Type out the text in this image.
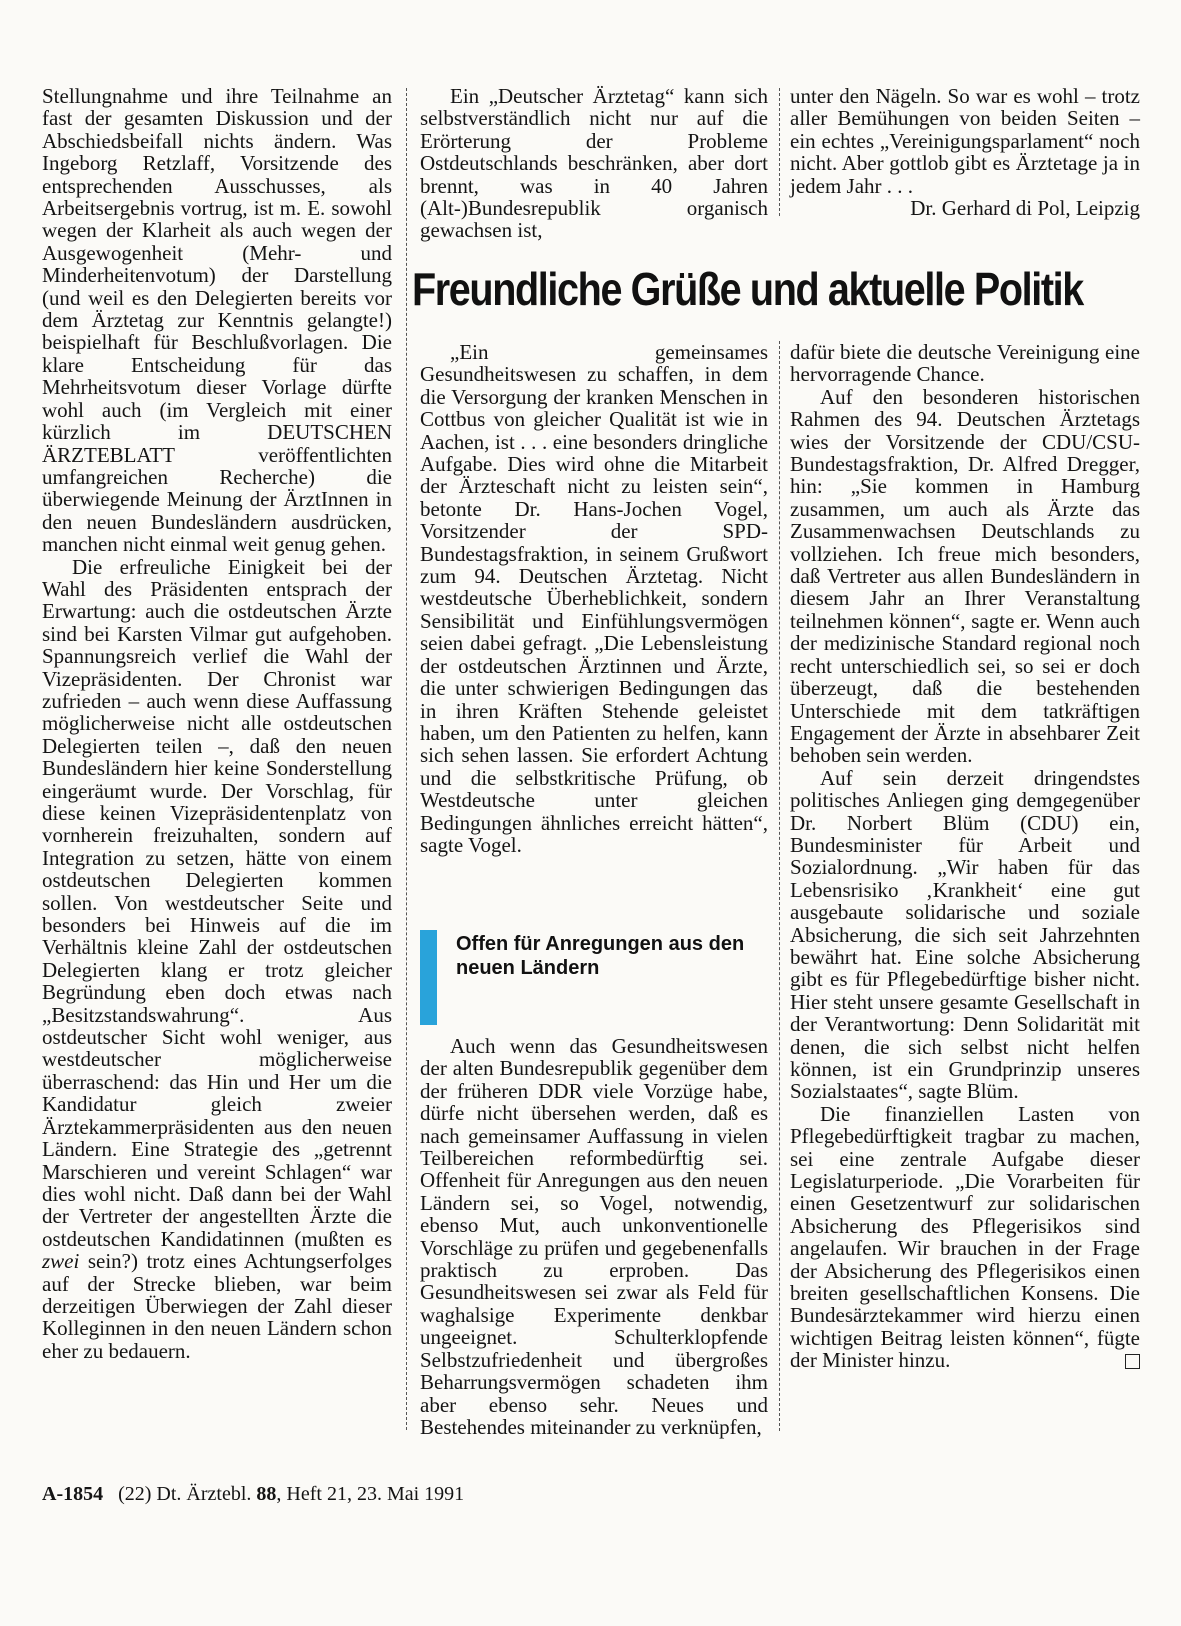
Stellungnahme und ihre Teilnahme an fast der gesamten Diskussion und der Abschiedsbeifall nichts ändern. Was Ingeborg Retzlaff, Vorsitzende des entsprechenden Ausschusses, als Arbeitsergebnis vortrug, ist m. E. sowohl wegen der Klarheit als auch wegen der Ausgewogenheit (Mehr- und Minderheitenvotum) der Darstellung (und weil es den Delegierten bereits vor dem Ärztetag zur Kenntnis gelangte!) beispielhaft für Beschlußvorlagen. Die klare Entscheidung für das Mehrheitsvotum dieser Vorlage dürfte wohl auch (im Vergleich mit einer kürzlich im DEUTSCHEN ÄRZTEBLATT veröffentlichten umfangreichen Recherche) die überwiegende Meinung der ÄrztInnen in den neuen Bundesländern ausdrücken, manchen nicht einmal weit genug gehen.

Die erfreuliche Einigkeit bei der Wahl des Präsidenten entsprach der Erwartung: auch die ostdeutschen Ärzte sind bei Karsten Vilmar gut aufgehoben. Spannungsreich verlief die Wahl der Vizepräsidenten. Der Chronist war zufrieden – auch wenn diese Auffassung möglicherweise nicht alle ostdeutschen Delegierten teilen –, daß den neuen Bundesländern hier keine Sonderstellung eingeräumt wurde. Der Vorschlag, für diese keinen Vizepräsidentenplatz von vornherein freizuhalten, sondern auf Integration zu setzen, hätte von einem ostdeutschen Delegierten kommen sollen. Von westdeutscher Seite und besonders bei Hinweis auf die im Verhältnis kleine Zahl der ostdeutschen Delegierten klang er trotz gleicher Begründung eben doch etwas nach „Besitzstandswahrung“. Aus ostdeutscher Sicht wohl weniger, aus westdeutscher möglicherweise überraschend: das Hin und Her um die Kandidatur gleich zweier Ärztekammerpräsidenten aus den neuen Ländern. Eine Strategie des „getrennt Marschieren und vereint Schlagen“ war dies wohl nicht. Daß dann bei der Wahl der Vertreter der angestellten Ärzte die ostdeutschen Kandidatinnen (mußten es zwei sein?) trotz eines Achtungserfolges auf der Strecke blieben, war beim derzeitigen Überwiegen der Zahl dieser Kolleginnen in den neuen Ländern schon eher zu bedauern.

Ein „Deutscher Ärztetag“ kann sich selbstverständlich nicht nur auf die Erörterung der Probleme Ostdeutschlands beschränken, aber dort brennt, was in 40 Jahren (Alt-)Bundesrepublik organisch gewachsen ist,

unter den Nägeln. So war es wohl – trotz aller Bemühungen von beiden Seiten – ein echtes „Vereinigungsparlament“ noch nicht. Aber gottlob gibt es Ärztetage ja in jedem Jahr . . .

Dr. Gerhard di Pol, Leipzig

Freundliche Grüße und aktuelle Politik

„Ein gemeinsames Gesundheitswesen zu schaffen, in dem die Versorgung der kranken Menschen in Cottbus von gleicher Qualität ist wie in Aachen, ist . . . eine besonders dringliche Aufgabe. Dies wird ohne die Mitarbeit der Ärzteschaft nicht zu leisten sein“, betonte Dr. Hans-Jochen Vogel, Vorsitzender der SPD-Bundestagsfraktion, in seinem Grußwort zum 94. Deutschen Ärztetag. Nicht westdeutsche Überheblichkeit, sondern Sensibilität und Einfühlungsvermögen seien dabei gefragt. „Die Lebensleistung der ostdeutschen Ärztinnen und Ärzte, die unter schwierigen Bedingungen das in ihren Kräften Stehende geleistet haben, um den Patienten zu helfen, kann sich sehen lassen. Sie erfordert Achtung und die selbstkritische Prüfung, ob Westdeutsche unter gleichen Bedingungen ähnliches erreicht hätten“, sagte Vogel.

Offen für Anregungen aus den neuen Ländern

Auch wenn das Gesundheitswesen der alten Bundesrepublik gegenüber dem der früheren DDR viele Vorzüge habe, dürfe nicht übersehen werden, daß es nach gemeinsamer Auffassung in vielen Teilbereichen reformbedürftig sei. Offenheit für Anregungen aus den neuen Ländern sei, so Vogel, notwendig, ebenso Mut, auch unkonventionelle Vorschläge zu prüfen und gegebenenfalls praktisch zu erproben. Das Gesundheitswesen sei zwar als Feld für waghalsige Experimente denkbar ungeeignet. Schulterklopfende Selbstzufriedenheit und übergroßes Beharrungsvermögen schadeten ihm aber ebenso sehr. Neues und Bestehendes miteinander zu verknüpfen,

dafür biete die deutsche Vereinigung eine hervorragende Chance.

Auf den besonderen historischen Rahmen des 94. Deutschen Ärztetags wies der Vorsitzende der CDU/CSU-Bundestagsfraktion, Dr. Alfred Dregger, hin: „Sie kommen in Hamburg zusammen, um auch als Ärzte das Zusammenwachsen Deutschlands zu vollziehen. Ich freue mich besonders, daß Vertreter aus allen Bundesländern in diesem Jahr an Ihrer Veranstaltung teilnehmen können“, sagte er. Wenn auch der medizinische Standard regional noch recht unterschiedlich sei, so sei er doch überzeugt, daß die bestehenden Unterschiede mit dem tatkräftigen Engagement der Ärzte in absehbarer Zeit behoben sein werden.

Auf sein derzeit dringendstes politisches Anliegen ging demgegenüber Dr. Norbert Blüm (CDU) ein, Bundesminister für Arbeit und Sozialordnung. „Wir haben für das Lebensrisiko ‚Krankheit‘ eine gut ausgebaute solidarische und soziale Absicherung, die sich seit Jahrzehnten bewährt hat. Eine solche Absicherung gibt es für Pflegebedürftige bisher nicht. Hier steht unsere gesamte Gesellschaft in der Verantwortung: Denn Solidarität mit denen, die sich selbst nicht helfen können, ist ein Grundprinzip unseres Sozialstaates“, sagte Blüm.

Die finanziellen Lasten von Pflegebedürftigkeit tragbar zu machen, sei eine zentrale Aufgabe dieser Legislaturperiode. „Die Vorarbeiten für einen Gesetzentwurf zur solidarischen Absicherung des Pflegerisikos sind angelaufen. Wir brauchen in der Frage der Absicherung des Pflegerisikos einen breiten gesellschaftlichen Konsens. Die Bundesärztekammer wird hierzu einen wichtigen Beitrag leisten können“, fügte der Minister hinzu.

A-1854 (22) Dt. Ärztebl. 88, Heft 21, 23. Mai 1991
